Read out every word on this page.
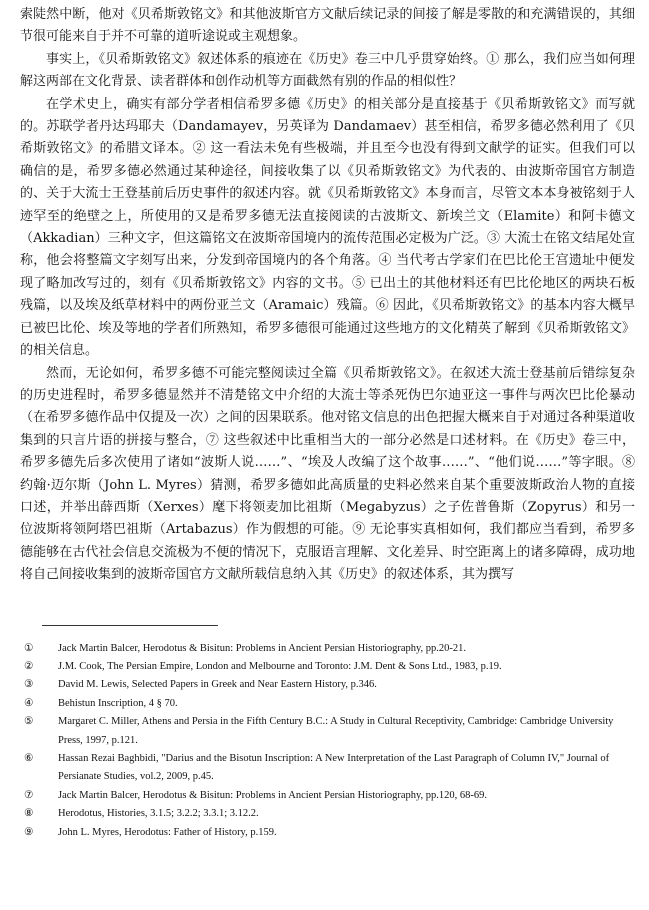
索陡然中断，他对《贝希斯敦铭文》和其他波斯官方文献后续记录的间接了解是零散的和充满错误的，其细节很可能来自于并不可靠的道听途说或主观想象。

事实上，《贝希斯敦铭文》叙述体系的痕迹在《历史》卷三中几乎贯穿始终。① 那么，我们应当如何理解这两部在文化背景、读者群体和创作动机等方面截然有别的作品的相似性？

在学术史上，确实有部分学者相信希罗多德《历史》的相关部分是直接基于《贝希斯敦铭文》而写就的。苏联学者丹达玛耶夫（Dandamayev，另英译为 Dandamaev）甚至相信，希罗多德必然利用了《贝希斯敦铭文》的希腊文译本。② 这一看法未免有些极端，并且至今也没有得到文献学的证实。但我们可以确信的是，希罗多德必然通过某种途径，间接收集了以《贝希斯敦铭文》为代表的、由波斯帝国官方制造的、关于大流士王登基前后历史事件的叙述内容。就《贝希斯敦铭文》本身而言，尽管文本本身被铭刻于人迹罕至的绝壁之上，所使用的又是希罗多德无法直接阅读的古波斯文、新埃兰文（Elamite）和阿卡德文（Akkadian）三种文字，但这篇铭文在波斯帝国境内的流传范围必定极为广泛。③ 大流士在铭文结尾处宣称，他会将整篇文字刻写出来，分发到帝国境内的各个角落。④ 当代考古学家们在巴比伦王宫遗址中便发现了略加改写过的，刻有《贝希斯敦铭文》内容的文书。⑤ 已出土的其他材料还有巴比伦地区的两块石板残篇，以及埃及纸草材料中的两份亚兰文（Aramaic）残篇。⑥ 因此，《贝希斯敦铭文》的基本内容大概早已被巴比伦、埃及等地的学者们所熟知，希罗多德很可能通过这些地方的文化精英了解到《贝希斯敦铭文》的相关信息。

然而，无论如何，希罗多德不可能完整阅读过全篇《贝希斯敦铭文》。在叙述大流士登基前后错综复杂的历史进程时，希罗多德显然并不清楚铭文中介绍的大流士等杀死伪巴尔迪亚这一事件与两次巴比伦暴动（在希罗多德作品中仅提及一次）之间的因果联系。他对铭文信息的出色把握大概来自于对通过各种渠道收集到的只言片语的拼接与整合，⑦ 这些叙述中比重相当大的一部分必然是口述材料。在《历史》卷三中，希罗多德先后多次使用了诸如“波斯人说……”、“埃及人改编了这个故事……”、“他们说……”等字眼。⑧ 约翰·迈尔斯（John L. Myres）猜测，希罗多德如此高质量的史料必然来自某个重要波斯政治人物的直接口述，并举出薛西斯（Xerxes）麾下将领麦加比祖斯（Megabyzus）之子佐普鲁斯（Zopyrus）和另一位波斯将领阿塔巴祖斯（Artabazus）作为假想的可能。⑨ 无论事实真相如何，我们都应当看到，希罗多德能够在古代社会信息交流极为不便的情况下，克服语言理解、文化差异、时空距离上的诸多障碍，成功地将自己间接收集到的波斯帝国官方文献所载信息纳入其《历史》的叙述体系，其为撰写

①	Jack Martin Balcer, Herodotus & Bisitun: Problems in Ancient Persian Historiography, pp.20-21.
②	J.M. Cook, The Persian Empire, London and Melbourne and Toronto: J.M. Dent & Sons Ltd., 1983, p.19.
③	David M. Lewis, Selected Papers in Greek and Near Eastern History, p.346.
④	Behistun Inscription, 4 § 70.
⑤	Margaret C. Miller, Athens and Persia in the Fifth Century B.C.: A Study in Cultural Receptivity, Cambridge: Cambridge University Press, 1997, p.121.
⑥	Hassan Rezai Baghbidi, "Darius and the Bisotun Inscription: A New Interpretation of the Last Paragraph of Column IV," Journal of Persianate Studies, vol.2, 2009, p.45.
⑦	Jack Martin Balcer, Herodotus & Bisitun: Problems in Ancient Persian Historiography, pp.120, 68-69.
⑧	Herodotus, Histories, 3.1.5; 3.2.2; 3.3.1; 3.12.2.
⑨	John L. Myres, Herodotus: Father of History, p.159.
